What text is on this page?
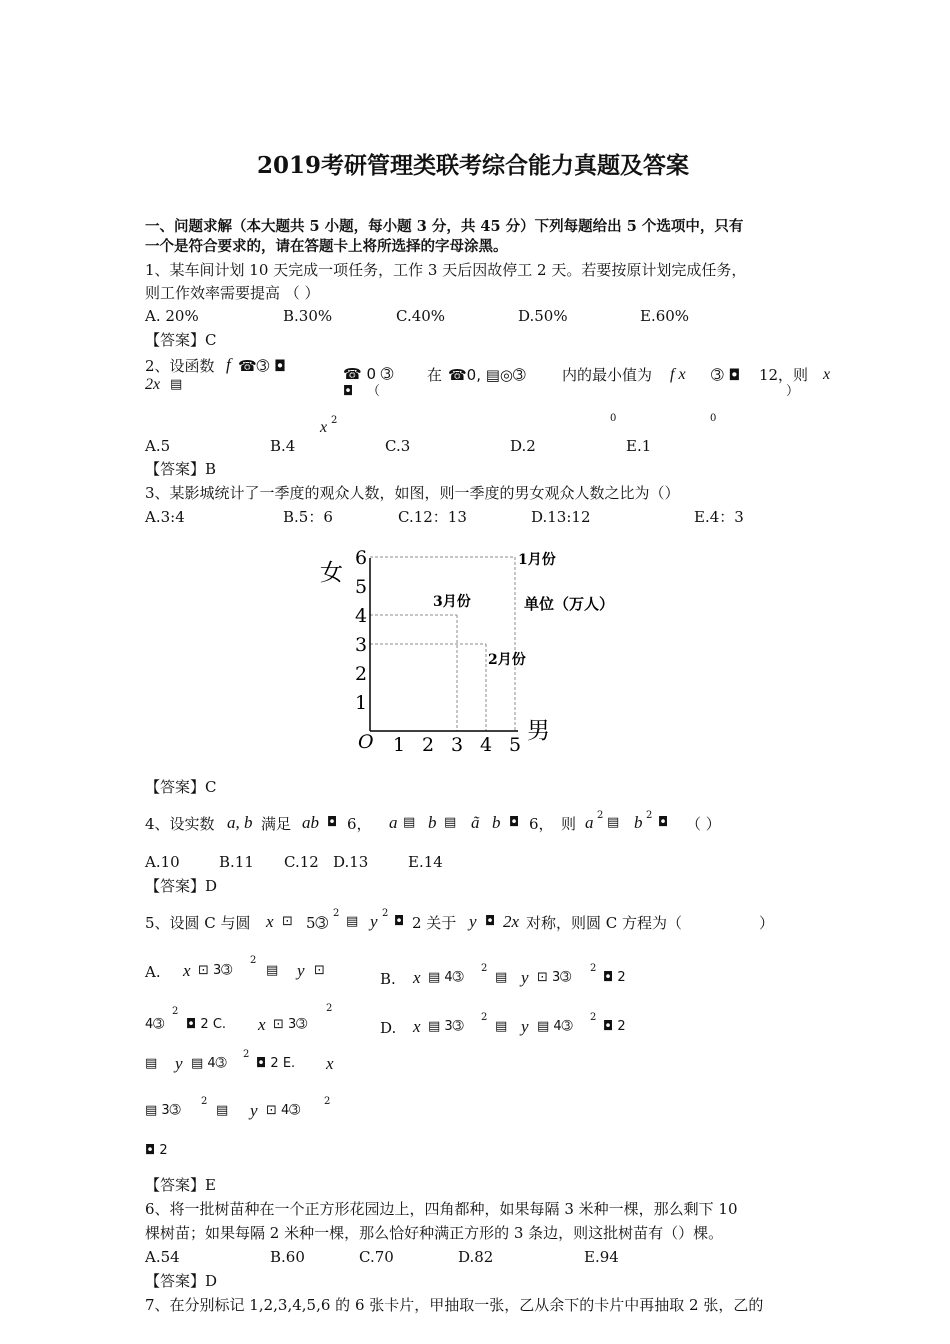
2019考研管理类联考综合能力真题及答案
一、问题求解（本大题共 5 小题，每小题 3 分，共 45 分）下列每题给出 5 个选项中，只有
一个是符合要求的，请在答题卡上将所选择的字母涂黑。
1、某车间计划 10 天完成一项任务，工作 3 天后因故停工 2 天。若要按原计划完成任务，
则工作效率需要提高 （ ）
A. 20%	B.30%	C.40%	D.50%	E.60%
【答案】C
2、设函数 f ☎➂ ◘
2x ▤
☎ 0 ➂ 在 ☎0, ▤◎➂ 内的最小值为 f x ➂ ◘ 12 ，则 x
◘ （	）
x 2	0	0
A.5	B.4	C.3	D.2	E.1
【答案】B
3、某影城统计了一季度的观众人数，如图，则一季度的男女观众人数之比为（）
A.3:4	B.5：6	C.12：13	D.13:12	E.4：3
女
男
O
单位（万人）
1 2 3 4 5
1
2
3
4
5
6	1月份
3月份
2月份
【答案】C
4、设实数 a, b 满足 ab ◘ 6， a ▤ b ▤ ã b ◘ 6， 则 a 2 ▤ b 2 ◘ （ ）
A.10	B.11 C.12 D.13	E.14
【答案】D
5、设圆 C 与圆 x ⊡ 5➂
2
▤ y 2
◘ 2 关于 y ◘ 2x 对称，则圆 C 方程为（	）
A. x ⊡ 3➂
2
▤ y ⊡	B. x ▤ 4➂
2
▤ y ⊡ 3➂
2
◘ 2
4➂
2
◘ 2 C. x ⊡ 3➂
2
D. x ▤ 3➂
2
▤ y ▤ 4➂
2
◘ 2
▤ y ▤ 4➂
2
◘ 2 E. x
▤ 3➂
2
▤ y ⊡ 4➂
2
◘ 2
【答案】E
6、将一批树苗种在一个正方形花园边上，四角都种，如果每隔 3 米种一棵，那么剩下 10
棵树苗；如果每隔 2 米种一棵，那么恰好种满正方形的 3 条边，则这批树苗有（）棵。
A.54	B.60	C.70	D.82	E.94
【答案】D
7、在分别标记 1,2,3,4,5,6 的 6 张卡片，甲抽取一张，乙从余下的卡片中再抽取 2 张，乙的
